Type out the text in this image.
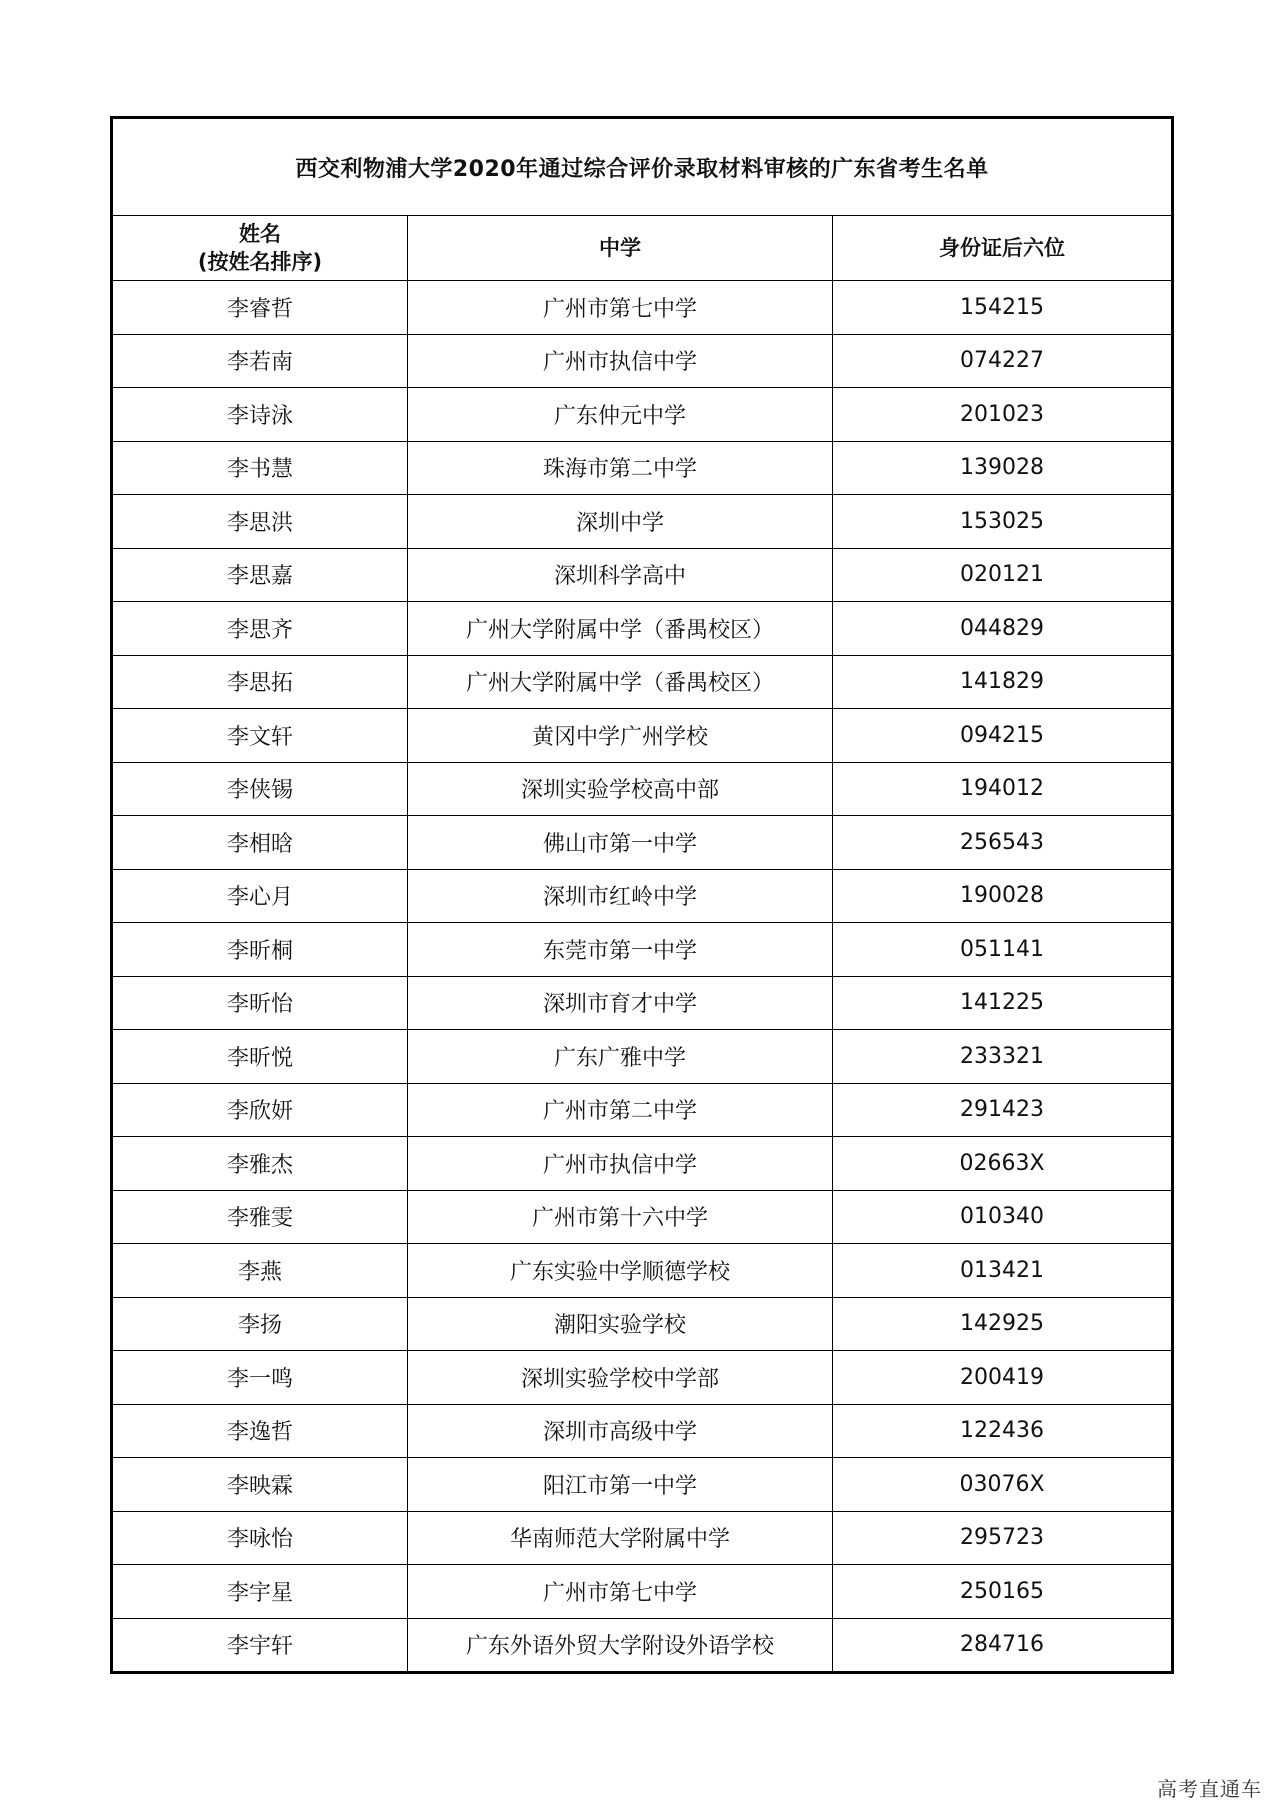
西交利物浦大学2020年通过综合评价录取材料审核的广东省考生名单		

姓名
(按姓名排序)	中学	身份证后六位
李睿哲	广州市第七中学	154215
李若南	广州市执信中学	074227
李诗泳	广东仲元中学	201023
李书慧	珠海市第二中学	139028
李思洪	深圳中学	153025
李思嘉	深圳科学高中	020121
李思齐	广州大学附属中学（番禺校区）	044829
李思拓	广州大学附属中学（番禺校区）	141829
李文轩	黄冈中学广州学校	094215
李侠锡	深圳实验学校高中部	194012
李相晗	佛山市第一中学	256543
李心月	深圳市红岭中学	190028
李昕桐	东莞市第一中学	051141
李昕怡	深圳市育才中学	141225
李昕悦	广东广雅中学	233321
李欣妍	广州市第二中学	291423
李雅杰	广州市执信中学	02663X
李雅雯	广州市第十六中学	010340
李燕	广东实验中学顺德学校	013421
李扬	潮阳实验学校	142925
李一鸣	深圳实验学校中学部	200419
李逸哲	深圳市高级中学	122436
李映霖	阳江市第一中学	03076X
李咏怡	华南师范大学附属中学	295723
李宇星	广州市第七中学	250165
李宇轩	广东外语外贸大学附设外语学校	284716
高考直通车
